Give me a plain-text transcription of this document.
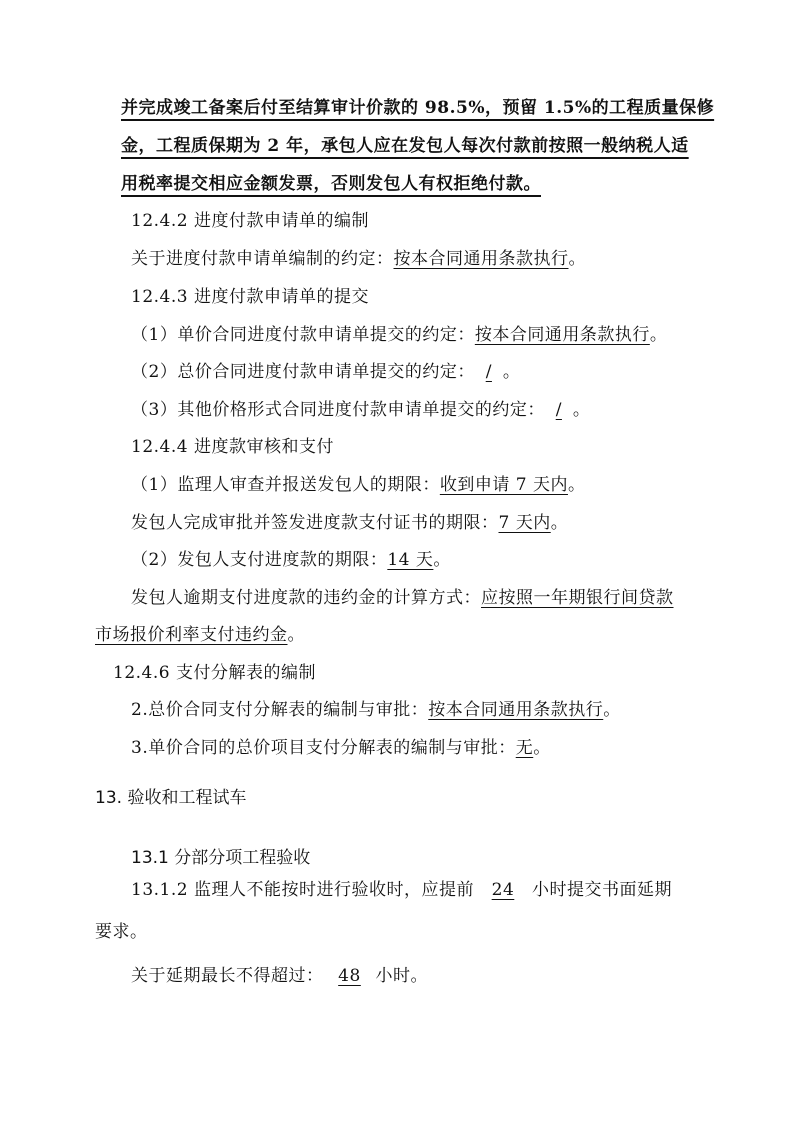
并完成竣工备案后付至结算审计价款的 98.5%，预留 1.5%的工程质量保修
金，工程质保期为 2 年，承包人应在发包人每次付款前按照一般纳税人适
用税率提交相应金额发票，否则发包人有权拒绝付款。
12.4.2 进度付款申请单的编制
关于进度付款申请单编制的约定：按本合同通用条款执行。
12.4.3 进度付款申请单的提交
（1）单价合同进度付款申请单提交的约定：按本合同通用条款执行。
（2）总价合同进度付款申请单提交的约定： / 。
（3）其他价格形式合同进度付款申请单提交的约定： / 。
12.4.4 进度款审核和支付
（1）监理人审查并报送发包人的期限：收到申请 7 天内。
发包人完成审批并签发进度款支付证书的期限：7 天内。
（2）发包人支付进度款的期限：14 天。
发包人逾期支付进度款的违约金的计算方式：应按照一年期银行间贷款
市场报价利率支付违约金。
12.4.6 支付分解表的编制
2.总价合同支付分解表的编制与审批：按本合同通用条款执行。
3.单价合同的总价项目支付分解表的编制与审批：无。
13. 验收和工程试车
13.1 分部分项工程验收
13.1.2 监理人不能按时进行验收时，应提前 24 小时提交书面延期
要求。
关于延期最长不得超过： 48 小时。
